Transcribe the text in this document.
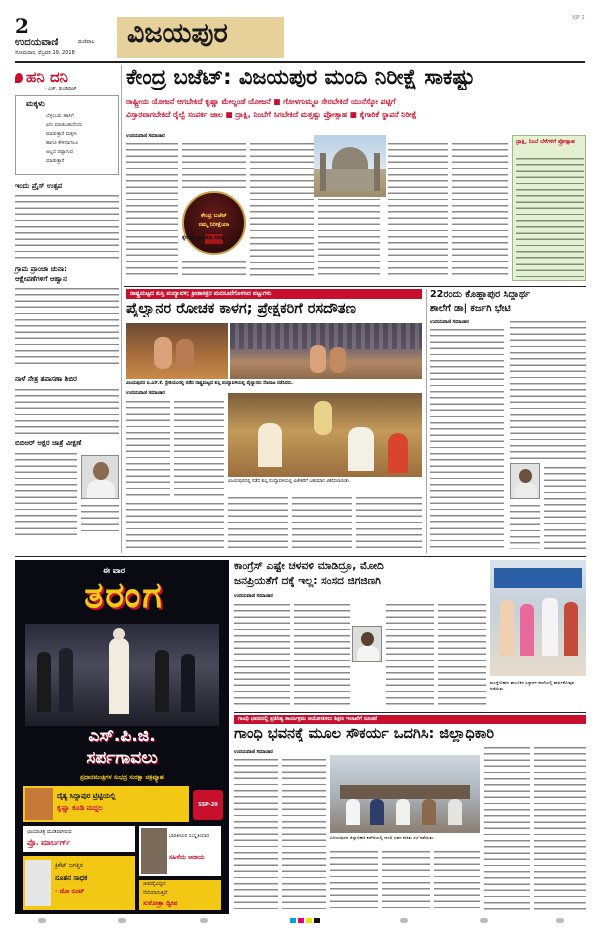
2
ಉದಯವಾಣಿ	ಮಣಿಪಾಲ
ಸೋಮವಾರ, ಫೆಬ್ರವರಿ 19, 2018
ವಿಜಯಪುರ	VJP 2
ಹನಿ ದನಿ
- ಎಚ್. ಡುಂಡಿರಾಜ್
ಮಕ್ಕಳು
ಬೆಳ್ಳಂಬರು ಹಾಸಿಗೆ
ಏನು ಮಾಡಬಹುದೆಂದು
ಮಾಡುತ್ತಾರೆ ಮಕ್ಕಳು
ಹಾಗೂ ಕೇಳಿದಾಗಲೂ
ಅಲ್ಲದ ಪಟ್ಟಾಗುವ
ಮಾಡುತ್ತಾರೆ
ಇಂದು ಪ್ರೈಸ್ ಉತ್ಸವ
ಗ್ರಾಮ ಪ್ರಾಂಚಾ ಚುನಾ:
ಆಕ್ಷೇಪಣೆಗಳಿಗೆ ಆಹ್ವಾನ
ನಾಳೆ ನೇತ್ರ ತಪಾಸಣಾ ಶಿಬಿರ
ಬಿಬಿಆರ್ ಅಕ್ಷರ ಜಾತ್ರೆ ವೀಕ್ಷಣೆ
ಕೇಂದ್ರ ಬಜೆಟ್: ವಿಜಯಪುರ ಮಂದಿ ನಿರೀಕ್ಷೆ ಸಾಕಷ್ಟು
ರಾಷ್ಟ್ರೀಯ ಯೋಜನೆ ಆಗಬೇಕಿದೆ ಕೃಷ್ಣಾ ಮೇಲ್ದಂಡೆ ಯೋಜನೆ ■ ಗೋಳಗುಮ್ಮಟ ಸೇರಬೇಕಿದೆ ಯುನೆಸ್ಕೋ ಪಟ್ಟಿಗೆ
ವಿಸ್ತಾರವಾಗಬೇಕಿದೆ ರೈಲ್ವೆ ಸಂಪರ್ಕ ಜಾಲ ■ ದ್ರಾಕ್ಷಿ, ನಿಂಬೆಗೆ ಸಿಗಬೇಕಿದೆ ಮತ್ತಷ್ಟು ಪ್ರೋತ್ಸಾಹ ■ ಕೈಗಾರಿಕೆ ಸ್ಥಾಪನೆ ನಿರೀಕ್ಷೆ
ಉದಯವಾಣಿ ಸಮಾಚಾರ
ಕೇಂದ್ರ ಬಜೆಟ್
ನಮ್ಮ ನಿರೀಕ್ಷೆಯಾ
ಕೈಗಾರಿಕೆ ಸ್ಥಾಪನೆಯ ನಿರೀಕ್ಷೆ
ದ್ರಾಕ್ಷಿ, ನಿಂಬೆ ಬೆಳೆಗಳಿಗೆ ಪ್ರೋತ್ಸಾಹ
ರಾಷ್ಟ್ರಮಟ್ಟದ ಕುಸ್ತಿ ಪಂದ್ಯಾವಳಿ; ಕ್ರೀಡಾಸಕ್ತರ ಮನಸೂರೆಗೊಳಿಸಿದ ಪಟ್ಟುಗಳು
ಪೈಲ್ವಾನರ ರೋಚಕ ಕಾಳಗ; ಪ್ರೇಕ್ಷಕರಿಗೆ ರಸದೌತಣ
ವಿಜಯಪುರದ ಐ.ಎಸ್.ಕೆ. ಸ್ಟೇಡಿಯಂನಲ್ಲಿ ನಡೆದ ರಾಷ್ಟ್ರಮಟ್ಟದ ಕುಸ್ತಿ ಪಂದ್ಯಾವಳಿಯಲ್ಲಿ ಪೈಲ್ವಾನರು ಸೆಣಸಾಟ ನಡೆಸಿದರು.
ಉದಯವಾಣಿ ಸಮಾಚಾರ
ವಿಜಯಪುರದಲ್ಲಿ ನಡೆದ ಕುಸ್ತಿ ಪಂದ್ಯಾವಳಿಯಲ್ಲಿ ವಿಜೇತರಿಗೆ ಬಹುಮಾನ ವಿತರಿಸಲಾಯಿತು.
22ರಂದು ಕೊಹ್ಲಾಪುರ ಸಿದ್ಧಾರ್ಥ
ಶಾಲೆಗೆ ಡಾ| ಕರ್ಜಗಿ ಭೇಟಿ
ಉದಯವಾಣಿ ಸಮಾಚಾರ
ಈ ವಾರ
ತರಂಗ
ಎಸ್.ಪಿ.ಜಿ.
ಸರ್ಪಗಾವಲು
ಪ್ರಧಾನಮಂತ್ರಿಗಳ ಸುಭದ್ರ ಸುರಕ್ಷಾ ಚಕ್ರವ್ಯೂಹ
ದೈತ್ಯ ಸಿದ್ದಾಪುರ ಟ್ರಿಟ್ಟಿಯಲ್ಲಿ
ಕೃಷ್ಣಾ ಕೂಡಿ ಮದ್ದಲ
ಛಾಯಾಚಿತ್ರ ಮುಡಿಪಾಗಿರುವ
ಪ್ರೊ. ಮಾರ್ಬರ್ಗ್
ಕ್ರಿಕೆಟ್ ಜಗತ್ತಿನ
ನೂತನ ಸಾಧಕ
- ಜೋ ರೂಟ್
ಭಾರತೀಯರ ಸಂಸ್ಕೃತಿಯಾದ
ಸಹಿಳೆಯ ಆದಾಯ
ಜೀವವೈವಿಧ್ಯದ
ನೆಲೆಯಾಗುತ್ತಿದೆ
ಸುಕೋತ್ರಾ ದ್ವೀಪ
SSP-20
ಕಾಂಗ್ರೆಸ್ ಎಷ್ಟೇ ಚಳವಳಿ ಮಾಡಿದ್ರೂ, ಮೋದಿ
ಜನಪ್ರಿಯತೆಗೆ ದಕ್ಕೆ ಇಲ್ಲ: ಸಂಸದ ಜಿಗಜಿಣಗಿ
ಉದಯವಾಣಿ ಸಮಾಚಾರ
ಮುದ್ದೇಬಿಹಾಳ ತಾಲೂಕಿನ ಸಿದ್ಧಾರ್ಥ ಶಾಲೆಯಲ್ಲಿ ವಾರ್ಷಿಕೋತ್ಸವ ನಡೆಯಿತು.
ಗಾಂಧಿ ಭವನದಲ್ಲಿ ಪ್ರತಿನಿತ್ಯ ಕಾರ್ಯಕ್ರಮ ಆಯೋಜಿಸಲು ಶಿಕ್ಷಣ ಇಲಾಖೆಗೆ ಸೂಚನೆ
ಗಾಂಧಿ ಭವನಕ್ಕೆ ಮೂಲ ಸೌಕರ್ಯ ಒದಗಿಸಿ: ಜಿಲ್ಲಾಧಿಕಾರಿ
ಉದಯವಾಣಿ ಸಮಾಚಾರ
ವಿಜಯಪುರದ ಜಿಲ್ಲಾಧಿಕಾರಿ ಕಚೇರಿಯಲ್ಲಿ ಗಾಂಧಿ ಭವನ ಕುರಿತು ಸಭೆ ನಡೆಯಿತು.
